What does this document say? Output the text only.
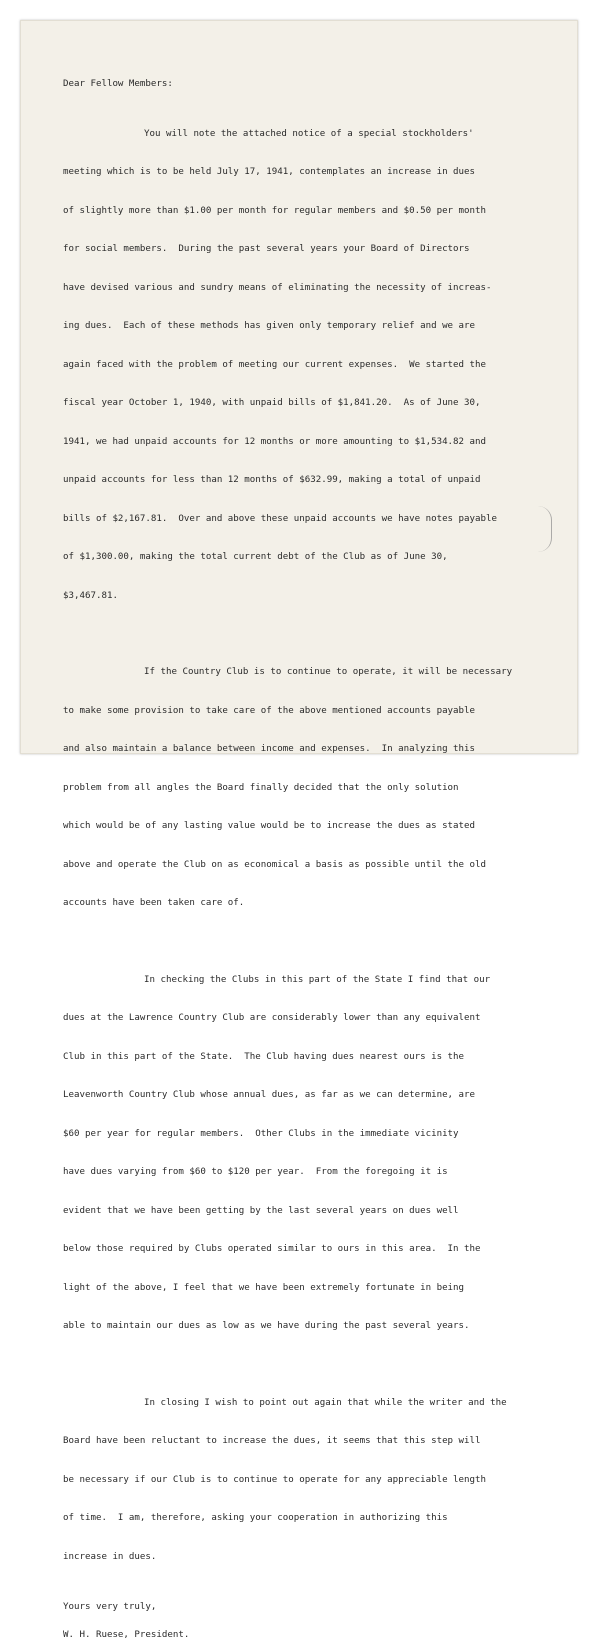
Dear Fellow Members:

You will note the attached notice of a special stockholders'

meeting which is to be held July 17, 1941, contemplates an increase in dues

of slightly more than $1.00 per month for regular members and $0.50 per month

for social members.  During the past several years your Board of Directors

have devised various and sundry means of eliminating the necessity of increas-

ing dues.  Each of these methods has given only temporary relief and we are

again faced with the problem of meeting our current expenses.  We started the

fiscal year October 1, 1940, with unpaid bills of $1,841.20.  As of June 30,

1941, we had unpaid accounts for 12 months or more amounting to $1,534.82 and

unpaid accounts for less than 12 months of $632.99, making a total of unpaid

bills of $2,167.81.  Over and above these unpaid accounts we have notes payable

of $1,300.00, making the total current debt of the Club as of June 30,

$3,467.81.

If the Country Club is to continue to operate, it will be necessary

to make some provision to take care of the above mentioned accounts payable

and also maintain a balance between income and expenses.  In analyzing this

problem from all angles the Board finally decided that the only solution

which would be of any lasting value would be to increase the dues as stated

above and operate the Club on as economical a basis as possible until the old

accounts have been taken care of.

In checking the Clubs in this part of the State I find that our

dues at the Lawrence Country Club are considerably lower than any equivalent

Club in this part of the State.  The Club having dues nearest ours is the

Leavenworth Country Club whose annual dues, as far as we can determine, are

$60 per year for regular members.  Other Clubs in the immediate vicinity

have dues varying from $60 to $120 per year.  From the foregoing it is

evident that we have been getting by the last several years on dues well

below those required by Clubs operated similar to ours in this area.  In the

light of the above, I feel that we have been extremely fortunate in being

able to maintain our dues as low as we have during the past several years.

In closing I wish to point out again that while the writer and the

Board have been reluctant to increase the dues, it seems that this step will

be necessary if our Club is to continue to operate for any appreciable length

of time.  I am, therefore, asking your cooperation in authorizing this

increase in dues.

Yours very truly,

W. H. Ruese, President.
